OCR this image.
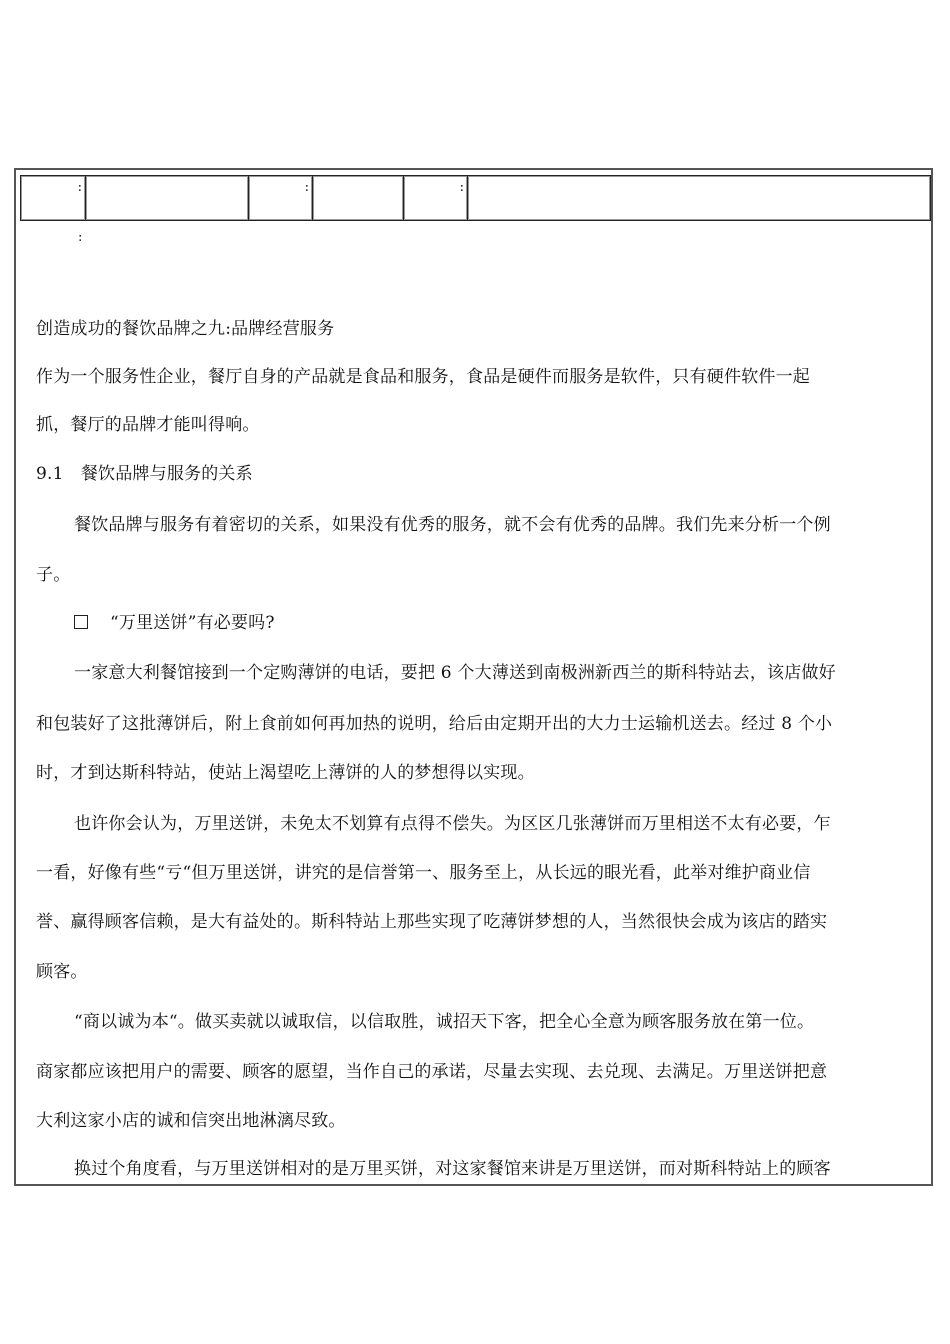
:		:		:

:
创造成功的餐饮品牌之九:品牌经营服务
作为一个服务性企业，餐厅自身的产品就是食品和服务，食品是硬件而服务是软件，只有硬件软件一起
抓，餐厅的品牌才能叫得响。
9.1　餐饮品牌与服务的关系
餐饮品牌与服务有着密切的关系，如果没有优秀的服务，就不会有优秀的品牌。我们先来分析一个例
子。
“万里送饼”有必要吗?
一家意大利餐馆接到一个定购薄饼的电话，要把 6 个大薄送到南极洲新西兰的斯科特站去，该店做好
和包装好了这批薄饼后，附上食前如何再加热的说明，给后由定期开出的大力士运输机送去。经过 8 个小
时，才到达斯科特站，使站上渴望吃上薄饼的人的梦想得以实现。
也许你会认为，万里送饼，未免太不划算有点得不偿失。为区区几张薄饼而万里相送不太有必要，乍
一看，好像有些“亏“但万里送饼，讲究的是信誉第一、服务至上，从长远的眼光看，此举对维护商业信
誉、赢得顾客信赖，是大有益处的。斯科特站上那些实现了吃薄饼梦想的人，当然很快会成为该店的踏实
顾客。
“商以诚为本“。做买卖就以诚取信，以信取胜，诚招天下客，把全心全意为顾客服务放在第一位。
商家都应该把用户的需要、顾客的愿望，当作自己的承诺，尽量去实现、去兑现、去满足。万里送饼把意
大利这家小店的诚和信突出地淋漓尽致。
换过个角度看，与万里送饼相对的是万里买饼，对这家餐馆来讲是万里送饼，而对斯科特站上的顾客
